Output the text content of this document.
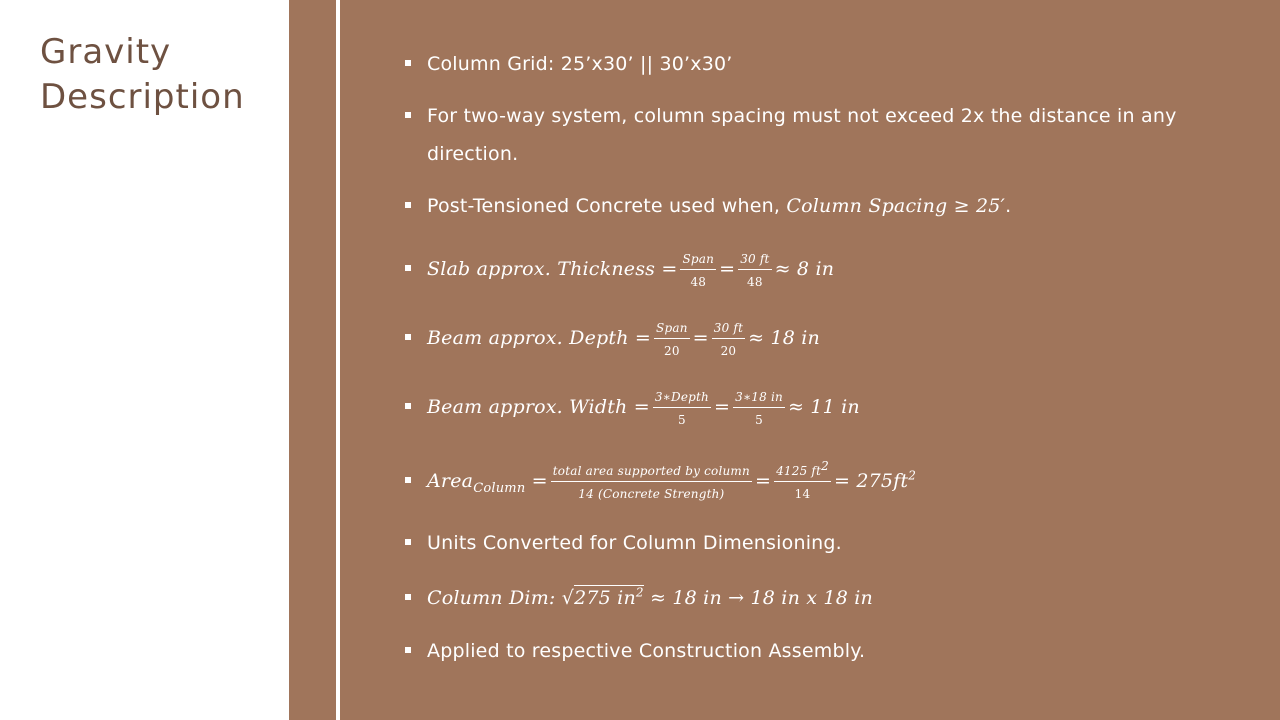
Gravity
Description
Column Grid: 25’x30’ || 30’x30’
For two-way system, column spacing must not exceed 2x the distance in any direction.
Post-Tensioned Concrete used when, Column Spacing ≥ 25′.
Slab approx. Thickness = $\frac{\text{Span}}{48} = \frac{30 ft}{48} \approx 8$ in
Beam approx. Depth = $\frac{\text{Span}}{20} = \frac{30 ft}{20} \approx 18$ in
Beam approx. Width = $\frac{\text{3∗Depth}}{5} = \frac{3∗18 in}{5} \approx 11$ in
Area$_{Column}$ = $\frac{\text{total area supported by column}}{\text{14 (Concrete Strength)}} = \frac{4125 ft2}{14} = 275ft^2$
Units Converted for Column Dimensioning.
Column Dim: √275 $in^2 \approx 18$ in → 18 in x 18 in
Applied to respective Construction Assembly.
